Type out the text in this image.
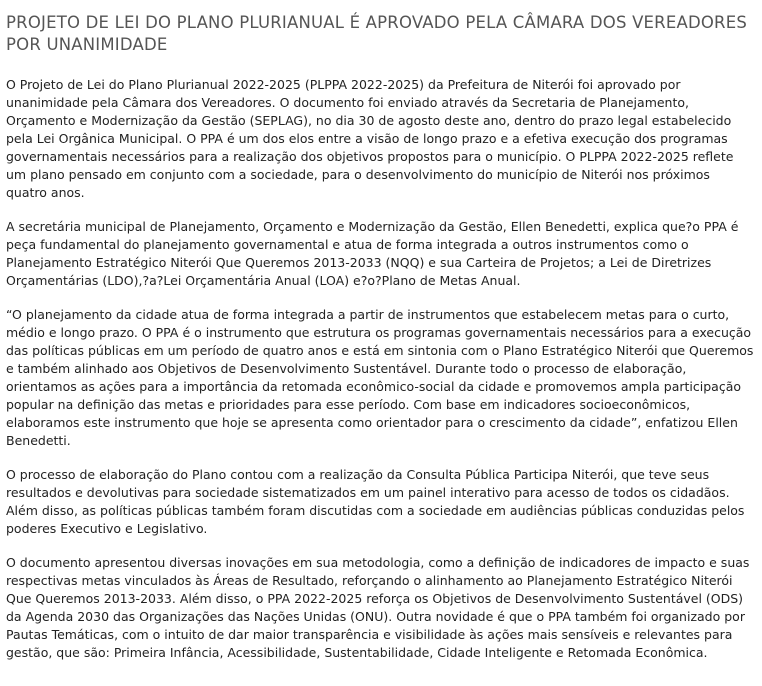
PROJETO DE LEI DO PLANO PLURIANUAL É APROVADO PELA CÂMARA DOS VEREADORES POR UNANIMIDADE

O Projeto de Lei do Plano Plurianual 2022-2025 (PLPPA 2022-2025) da Prefeitura de Niterói foi aprovado por unanimidade pela Câmara dos Vereadores. O documento foi enviado através da Secretaria de Planejamento, Orçamento e Modernização da Gestão (SEPLAG), no dia 30 de agosto deste ano, dentro do prazo legal estabelecido pela Lei Orgânica Municipal. O PPA é um dos elos entre a visão de longo prazo e a efetiva execução dos programas governamentais necessários para a realização dos objetivos propostos para o município. O PLPPA 2022-2025 reflete um plano pensado em conjunto com a sociedade, para o desenvolvimento do município de Niterói nos próximos quatro anos.

A secretária municipal de Planejamento, Orçamento e Modernização da Gestão, Ellen Benedetti, explica que?o PPA é peça fundamental do planejamento governamental e atua de forma integrada a outros instrumentos como o Planejamento Estratégico Niterói Que Queremos 2013-2033 (NQQ) e sua Carteira de Projetos; a Lei de Diretrizes Orçamentárias (LDO),?a?Lei Orçamentária Anual (LOA) e?o?Plano de Metas Anual.

“O planejamento da cidade atua de forma integrada a partir de instrumentos que estabelecem metas para o curto, médio e longo prazo. O PPA é o instrumento que estrutura os programas governamentais necessários para a execução das políticas públicas em um período de quatro anos e está em sintonia com o Plano Estratégico Niterói que Queremos e também alinhado aos Objetivos de Desenvolvimento Sustentável. Durante todo o processo de elaboração, orientamos as ações para a importância da retomada econômico-social da cidade e promovemos ampla participação popular na definição das metas e prioridades para esse período. Com base em indicadores socioeconômicos, elaboramos este instrumento que hoje se apresenta como orientador para o crescimento da cidade”, enfatizou Ellen Benedetti.

O processo de elaboração do Plano contou com a realização da Consulta Pública Participa Niterói, que teve seus resultados e devolutivas para sociedade sistematizados em um painel interativo para acesso de todos os cidadãos. Além disso, as políticas públicas também foram discutidas com a sociedade em audiências públicas conduzidas pelos poderes Executivo e Legislativo.

O documento apresentou diversas inovações em sua metodologia, como a definição de indicadores de impacto e suas respectivas metas vinculados às Áreas de Resultado, reforçando o alinhamento ao Planejamento Estratégico Niterói Que Queremos 2013-2033. Além disso, o PPA 2022-2025 reforça os Objetivos de Desenvolvimento Sustentável (ODS) da Agenda 2030 das Organizações das Nações Unidas (ONU). Outra novidade é que o PPA também foi organizado por Pautas Temáticas, com o intuito de dar maior transparência e visibilidade às ações mais sensíveis e relevantes para gestão, que são: Primeira Infância, Acessibilidade, Sustentabilidade, Cidade Inteligente e Retomada Econômica.
